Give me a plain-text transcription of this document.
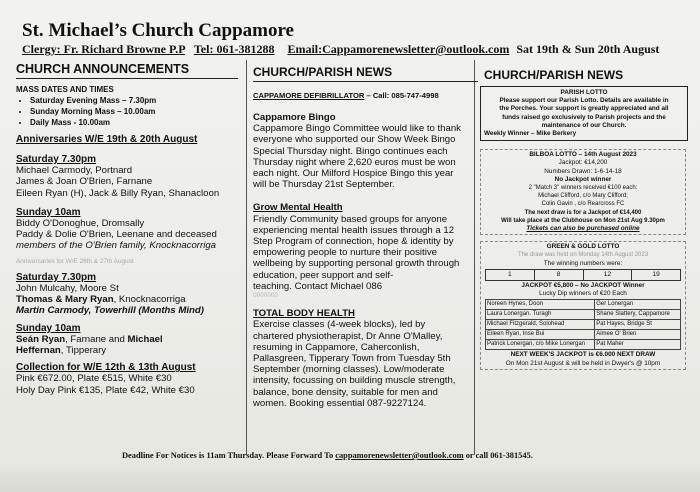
St. Michael’s Church Cappamore
Clergy: Fr. Richard Browne P.P Tel: 061-381288 Email:Cappamorenewsletter@outlook.com Sat 19th & Sun 20th August
CHURCH ANNOUNCEMENTS
MASS DATES AND TIMES
• Saturday Evening Mass – 7.30pm
• Sunday Morning Mass – 10.00am
• Daily Mass - 10.00am
Anniversaries W/E 19th & 20th August
Saturday 7.30pm
Michael Carmody, Portnard
James & Joan O'Brien, Farnane
Eileen Ryan (H), Jack & Billy Ryan, Shanacloon
Sunday 10am
Biddy O'Donoghue, Dromsally
Paddy & Dolie O'Brien, Leenane and deceased
members of the O'Brien family, Knocknacorriga
Anniversaries for W/E 26th & 27th August
Saturday 7.30pm
John Mulcahy, Moore St
Thomas & Mary Ryan, Knocknacorriga
Martin Carmody, Towerhill (Months Mind)
Sunday 10am
Seán Ryan, Farnane and Michael
Heffernan, Tipperary
Collection for W/E 12th & 13th August
Pink €672.00, Plate €515, White €30
Holy Day Pink €135, Plate €42, White €30
CHURCH/PARISH NEWS
CAPPAMORE DEFIBRILLATOR – Call: 085-747-4998
Cappamore Bingo
Cappamore Bingo Committee would like to thank
everyone who supported our Show Week Bingo
Special Thursday night. Bingo continues each
Thursday night where 2,620 euros must be won
each night. Our Milford Hospice Bingo this year
will be Thursday 21st September.
Grow Mental Health
Friendly Community based groups for anyone
experiencing mental health issues through a 12
Step Program of connection, hope & identity by
empowering people to nurture their positive
wellbeing by supporting personal growth through
education, peer support and self-
teaching. Contact Michael 086
0000000
TOTAL BODY HEALTH
Exercise classes (4-week blocks), led by
chartered physiotherapist, Dr Anne O'Malley,
resuming in Cappamore, Caherconlish,
Pallasgreen, Tipperary Town from Tuesday 5th
September (morning classes). Low/moderate
intensity, focussing on building muscle strength,
balance, bone density, suitable for men and
women. Booking essential 087-9227124.
CHURCH/PARISH NEWS
PARISH LOTTO
Please support our Parish Lotto. Details are available in
the Porches. Your support is greatly appreciated and all
funds raised go exclusively to Parish projects and the
maintenance of our Church.
Weekly Winner – Mike Berkery
BILBOA LOTTO – 14th August 2023
Jackpot: €14,200
Numbers Drawn: 1-6-14-18
No Jackpot winner
2 "Match 3" winners received €100 each:
Michael Clifford, c/o Mary Clifford;
Colin Gavin , c/o Rearcross FC
The next draw is for a Jackpot of €14,400
Will take place at the Clubhouse on Mon 21st Aug 9.30pm
Tickets can also be purchased online
GREEN & GOLD LOTTO
The draw was held on Monday 14th August 2023
The winning numbers were:
1	8	12	19
JACKPOT €5,800 – No JACKPOT Winner
Lucky Dip winners of €20 Each
Noreen Hynes, Doon	Ger Lonergan
Laura Lonergan. Turagh	Shane Slattery, Cappamore
Michael Fitzgerald, Solohead	Pat Hayes, Bridge St
Eileen Ryan, Inse Bui	Aimee O' Brien
Patrick Lonergan, c/o Mike Lonergan	Pat Maher
NEXT WEEK'S JACKPOT is €6.000 NEXT DRAW
On Mon 21st August & will be held in Dwyer's @ 10pm
Deadline For Notices is 11am Thursday. Please Forward To cappamorenewsletter@outlook.com or call 061-381545.
